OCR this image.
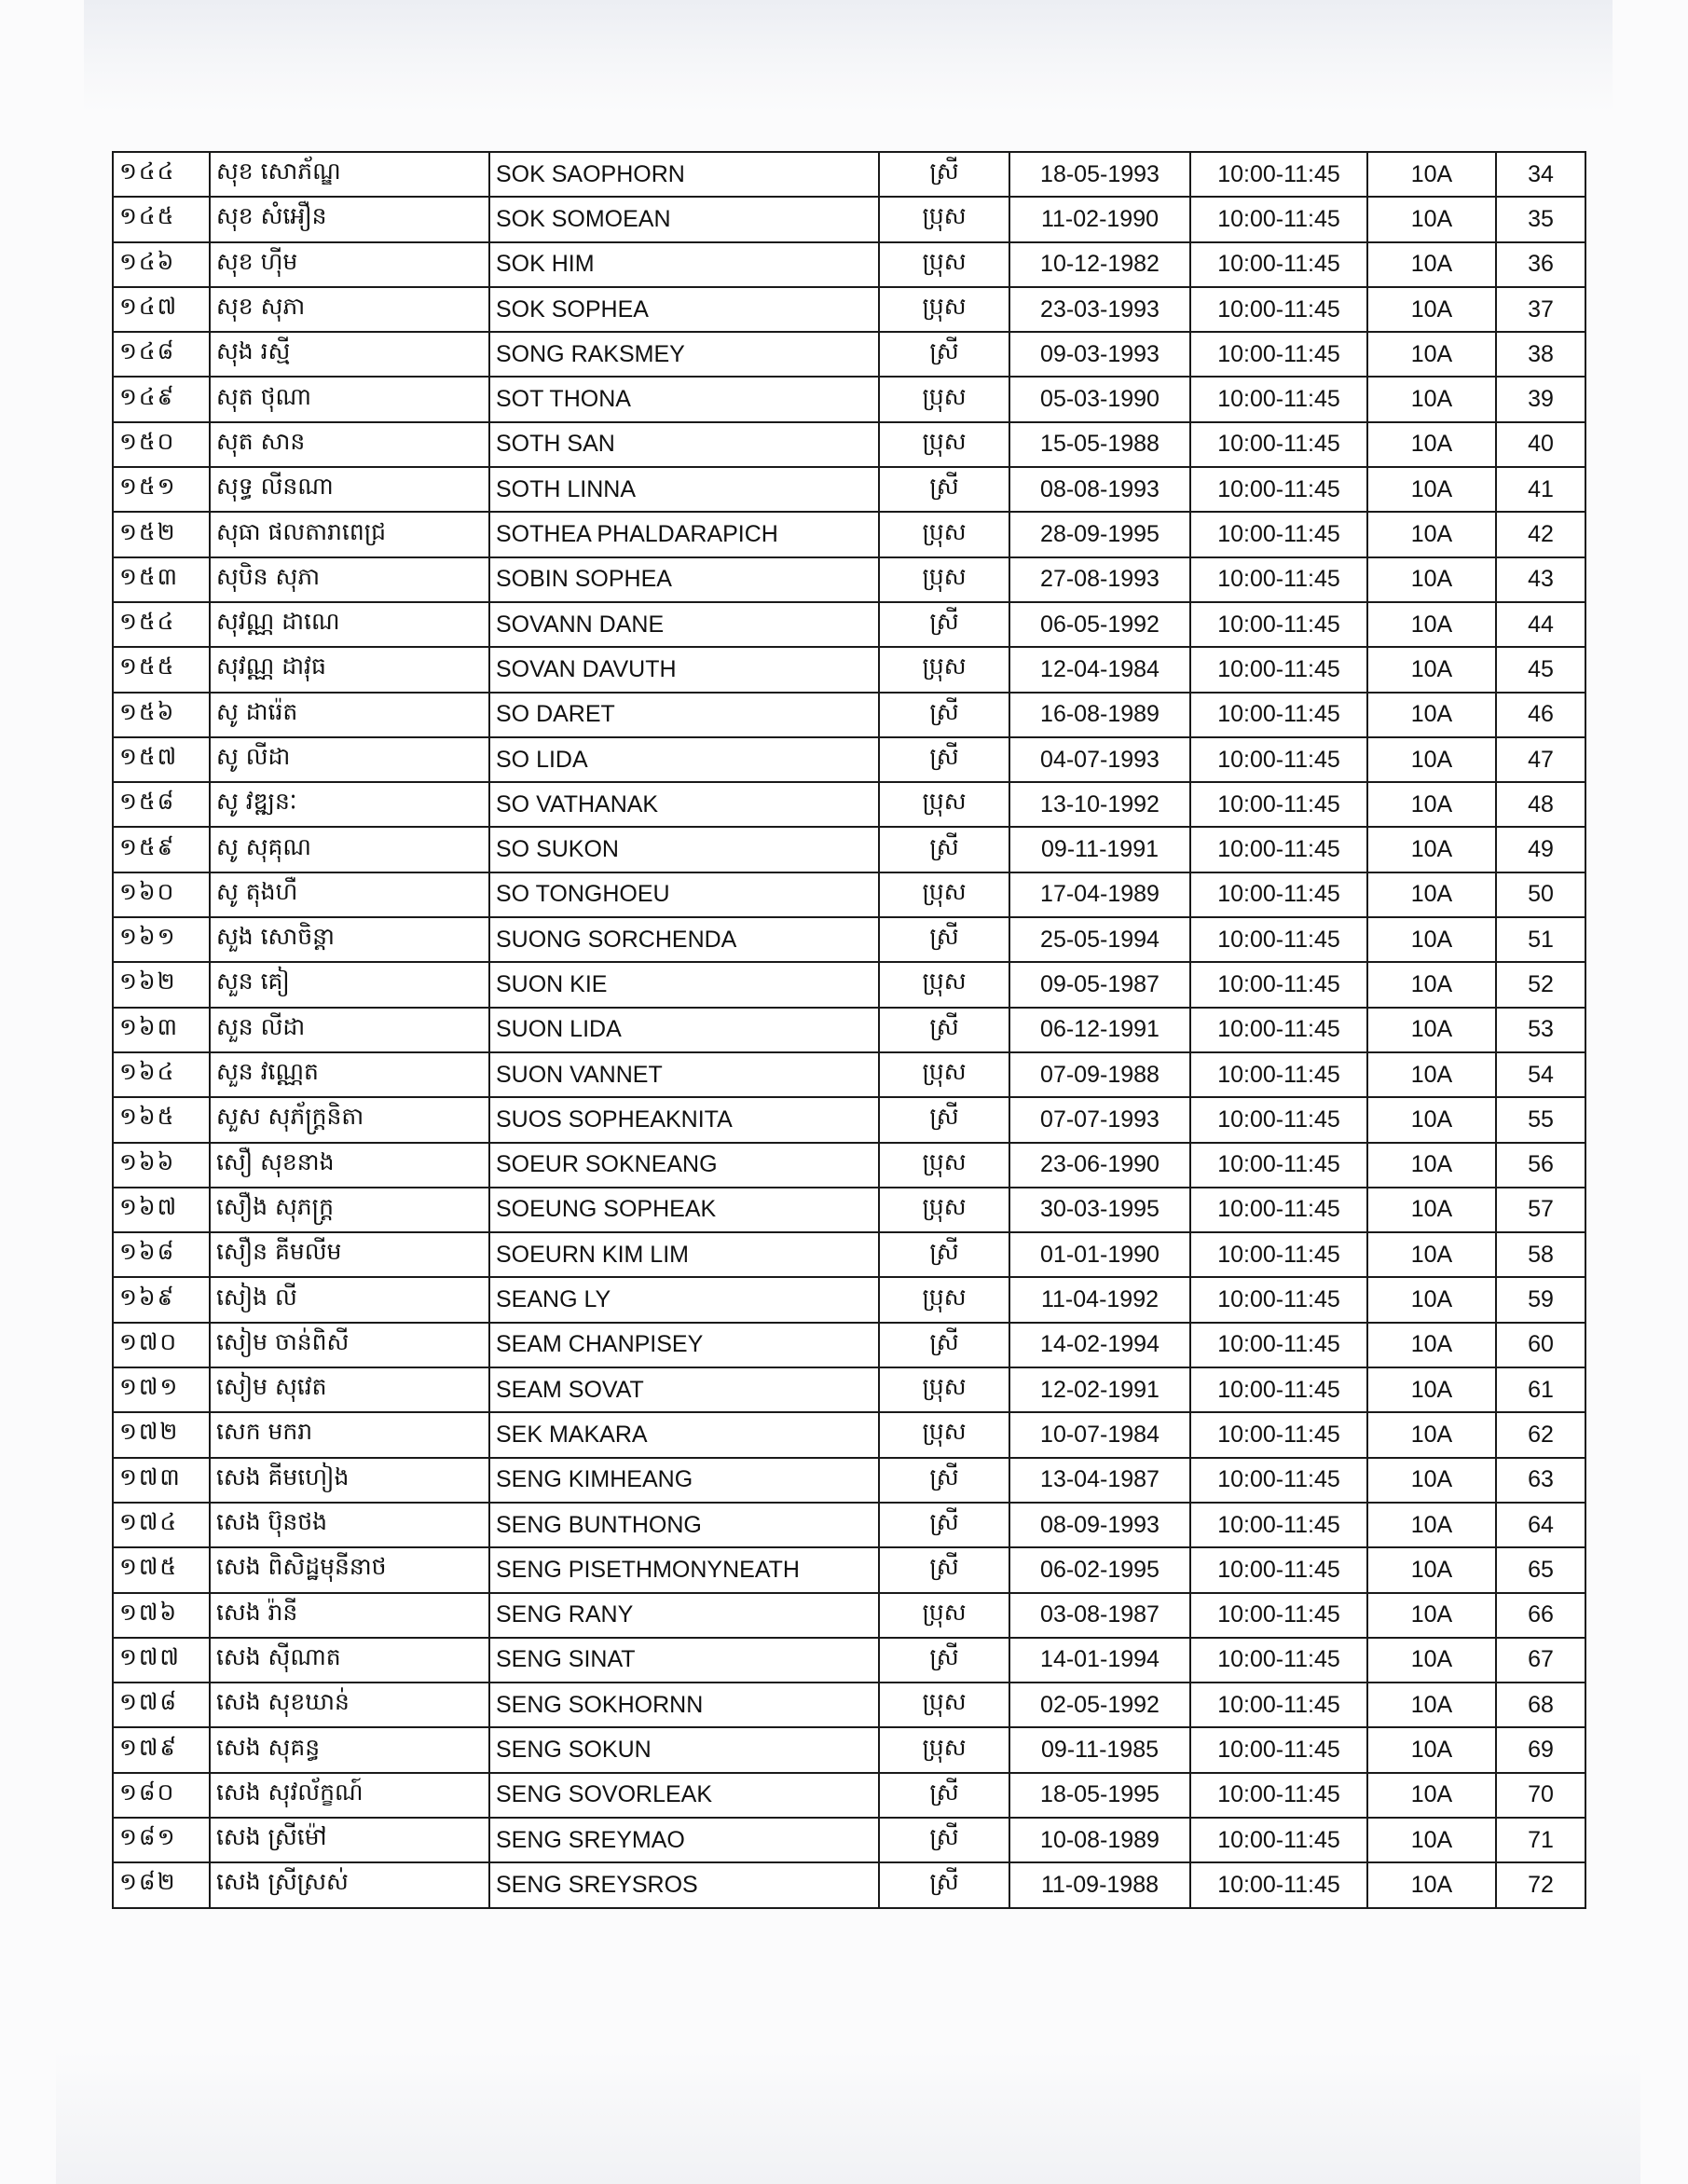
១៤៤	សុខ សោភ័ណ្ឌ	SOK SAOPHORN	ស្រី	18-05-1993	10:00-11:45	10A	34
១៤៥	សុខ សំអឿន	SOK SOMOEAN	ប្រុស	11-02-1990	10:00-11:45	10A	35
១៤៦	សុខ ហ៊ីម	SOK HIM	ប្រុស	10-12-1982	10:00-11:45	10A	36
១៤៧	សុខ សុភា	SOK SOPHEA	ប្រុស	23-03-1993	10:00-11:45	10A	37
១៤៨	សុង រស្មី	SONG RAKSMEY	ស្រី	09-03-1993	10:00-11:45	10A	38
១៤៩	សុត ថុណា	SOT THONA	ប្រុស	05-03-1990	10:00-11:45	10A	39
១៥០	សុត សាន	SOTH SAN	ប្រុស	15-05-1988	10:00-11:45	10A	40
១៥១	សុទ្ធ លីនណា	SOTH LINNA	ស្រី	08-08-1993	10:00-11:45	10A	41
១៥២	សុធា ផលតារាពេជ្រ	SOTHEA PHALDARAPICH	ប្រុស	28-09-1995	10:00-11:45	10A	42
១៥៣	សុបិន សុភា	SOBIN SOPHEA	ប្រុស	27-08-1993	10:00-11:45	10A	43
១៥៤	សុវណ្ណ ដាណេ	SOVANN DANE	ស្រី	06-05-1992	10:00-11:45	10A	44
១៥៥	សុវណ្ណ ដាវុធ	SOVAN DAVUTH	ប្រុស	12-04-1984	10:00-11:45	10A	45
១៥៦	សូ ដារ៉េត	SO DARET	ស្រី	16-08-1989	10:00-11:45	10A	46
១៥៧	សូ លីដា	SO LIDA	ស្រី	04-07-1993	10:00-11:45	10A	47
១៥៨	សូ វឌ្ឍនៈ	SO VATHANAK	ប្រុស	13-10-1992	10:00-11:45	10A	48
១៥៩	សូ សុគុណ	SO SUKON	ស្រី	09-11-1991	10:00-11:45	10A	49
១៦០	សូ តុងហឺ	SO TONGHOEU	ប្រុស	17-04-1989	10:00-11:45	10A	50
១៦១	សួង សោចិន្តា	SUONG SORCHENDA	ស្រី	25-05-1994	10:00-11:45	10A	51
១៦២	សួន គៀ	SUON KIE	ប្រុស	09-05-1987	10:00-11:45	10A	52
១៦៣	សួន លីដា	SUON LIDA	ស្រី	06-12-1991	10:00-11:45	10A	53
១៦៤	សួន វណ្ណេត	SUON VANNET	ប្រុស	07-09-1988	10:00-11:45	10A	54
១៦៥	សួស សុភ័ក្ត្រនិតា	SUOS SOPHEAKNITA	ស្រី	07-07-1993	10:00-11:45	10A	55
១៦៦	សឿ សុខនាង	SOEUR SOKNEANG	ប្រុស	23-06-1990	10:00-11:45	10A	56
១៦៧	សឿង សុភក្ត្រ	SOEUNG SOPHEAK	ប្រុស	30-03-1995	10:00-11:45	10A	57
១៦៨	សឿន គីមលីម	SOEURN KIM LIM	ស្រី	01-01-1990	10:00-11:45	10A	58
១៦៩	សៀង លី	SEANG LY	ប្រុស	11-04-1992	10:00-11:45	10A	59
១៧០	សៀម ចាន់ពិសី	SEAM CHANPISEY	ស្រី	14-02-1994	10:00-11:45	10A	60
១៧១	សៀម សុវេត	SEAM SOVAT	ប្រុស	12-02-1991	10:00-11:45	10A	61
១៧២	សេក មករា	SEK MAKARA	ប្រុស	10-07-1984	10:00-11:45	10A	62
១៧៣	សេង គីមហៀង	SENG KIMHEANG	ស្រី	13-04-1987	10:00-11:45	10A	63
១៧៤	សេង ប៊ុនថង	SENG BUNTHONG	ស្រី	08-09-1993	10:00-11:45	10A	64
១៧៥	សេង ពិសិដ្ឋមុនីនាថ	SENG PISETHMONYNEATH	ស្រី	06-02-1995	10:00-11:45	10A	65
១៧៦	សេង រ៉ានី	SENG RANY	ប្រុស	03-08-1987	10:00-11:45	10A	66
១៧៧	សេង ស៊ីណាត	SENG SINAT	ស្រី	14-01-1994	10:00-11:45	10A	67
១៧៨	សេង សុខឃាន់	SENG SOKHORNN	ប្រុស	02-05-1992	10:00-11:45	10A	68
១៧៩	សេង សុគន្ធ	SENG SOKUN	ប្រុស	09-11-1985	10:00-11:45	10A	69
១៨០	សេង សុវល័ក្ខណ៍	SENG SOVORLEAK	ស្រី	18-05-1995	10:00-11:45	10A	70
១៨១	សេង ស្រីម៉ៅ	SENG SREYMAO	ស្រី	10-08-1989	10:00-11:45	10A	71
១៨២	សេង ស្រីស្រស់	SENG SREYSROS	ស្រី	11-09-1988	10:00-11:45	10A	72
